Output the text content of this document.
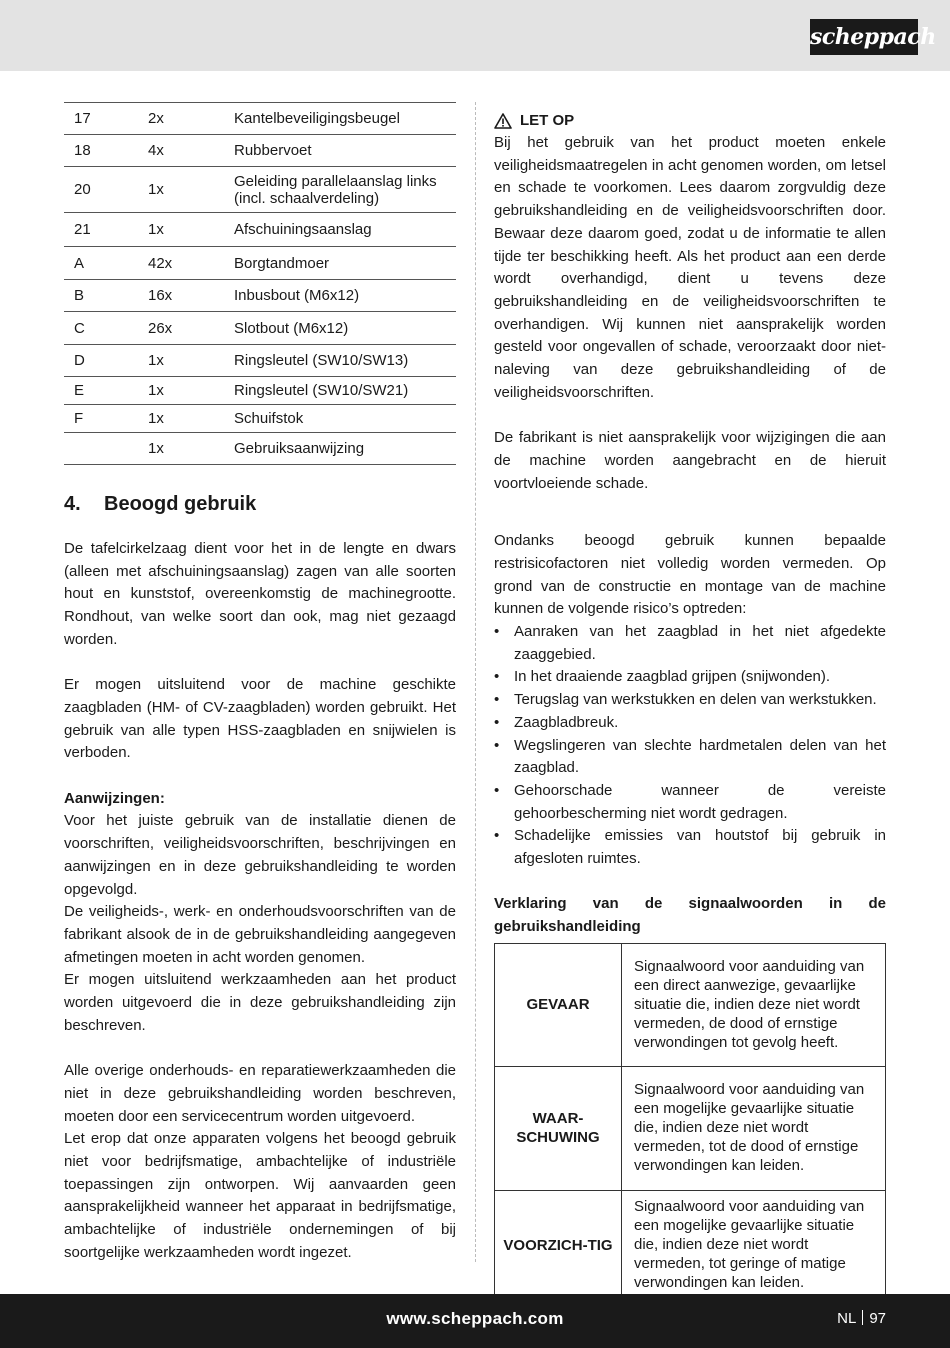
scheppach
17	2x	Kantelbeveiligingsbeugel
18	4x	Rubbervoet
20	1x	Geleiding parallelaanslag links (incl. schaalverdeling)
21	1x	Afschuiningsaanslag
A	42x	Borgtandmoer
B	16x	Inbusbout (M6x12)
C	26x	Slotbout (M6x12)
D	1x	Ringsleutel (SW10/SW13)
E	1x	Ringsleutel (SW10/SW21)
F	1x	Schuifstok
	1x	Gebruiksaanwijzing
4. Beoogd gebruik

De tafelcirkelzaag dient voor het in de lengte en dwars (alleen met afschuiningsaanslag) zagen van alle soorten hout en kunststof, overeenkomstig de machinegrootte. Rondhout, van welke soort dan ook, mag niet gezaagd worden.

Er mogen uitsluitend voor de machine geschikte zaagbladen (HM- of CV-zaagbladen) worden gebruikt. Het gebruik van alle typen HSS-zaagbladen en snijwielen is verboden.

Aanwijzingen:

Voor het juiste gebruik van de installatie dienen de voorschriften, veiligheidsvoorschriften, beschrijvingen en aanwijzingen en in deze gebruikshandleiding te worden opgevolgd.

De veiligheids-, werk- en onderhoudsvoorschriften van de fabrikant alsook de in de gebruikshandleiding aangegeven afmetingen moeten in acht worden genomen.

Er mogen uitsluitend werkzaamheden aan het product worden uitgevoerd die in deze gebruikshandleiding zijn beschreven.

Alle overige onderhouds- en reparatiewerkzaamheden die niet in deze gebruikshandleiding worden beschreven, moeten door een servicecentrum worden uitgevoerd.

Let erop dat onze apparaten volgens het beoogd gebruik niet voor bedrijfsmatige, ambachtelijke of industriële toepassingen zijn ontworpen. Wij aanvaarden geen aansprakelijkheid wanneer het apparaat in bedrijfsmatige, ambachtelijke of industriële ondernemingen of bij soortgelijke werkzaamheden wordt ingezet.

LET OP

Bij het gebruik van het product moeten enkele veiligheidsmaatregelen in acht genomen worden, om letsel en schade te voorkomen. Lees daarom zorgvuldig deze gebruikshandleiding en de veiligheidsvoorschriften door. Bewaar deze daarom goed, zodat u de informatie te allen tijde ter beschikking heeft. Als het product aan een derde wordt overhandigd, dient u tevens deze gebruikshandleiding en de veiligheidsvoorschriften te overhandigen. Wij kunnen niet aansprakelijk worden gesteld voor ongevallen of schade, veroorzaakt door niet-naleving van deze gebruikshandleiding of de veiligheidsvoorschriften.

De fabrikant is niet aansprakelijk voor wijzigingen die aan de machine worden aangebracht en de hieruit voortvloeiende schade.

Ondanks beoogd gebruik kunnen bepaalde restrisicofactoren niet volledig worden vermeden. Op grond van de constructie en montage van de machine kunnen de volgende risico’s optreden:

• Aanraken van het zaagblad in het niet afgedekte zaaggebied.
• In het draaiende zaagblad grijpen (snijwonden).
• Terugslag van werkstukken en delen van werkstukken.
• Zaagbladbreuk.
• Wegslingeren van slechte hardmetalen delen van het zaagblad.
• Gehoorschade wanneer de vereiste gehoorbescherming niet wordt gedragen.
• Schadelijke emissies van houtstof bij gebruik in afgesloten ruimtes.

Verklaring van de signaalwoorden in de gebruikshandleiding

GEVAAR	Signaalwoord voor aanduiding van een direct aanwezige, gevaarlijke situatie die, indien deze niet wordt vermeden, de dood of ernstige verwondingen tot gevolg heeft.
WAAR-SCHUWING	Signaalwoord voor aanduiding van een mogelijke gevaarlijke situatie die, indien deze niet wordt vermeden, tot de dood of ernstige verwondingen kan leiden.
VOORZICH-TIG	Signaalwoord voor aanduiding van een mogelijke gevaarlijke situatie die, indien deze niet wordt vermeden, tot geringe of matige verwondingen kan leiden.
www.scheppach.com	NL 97
